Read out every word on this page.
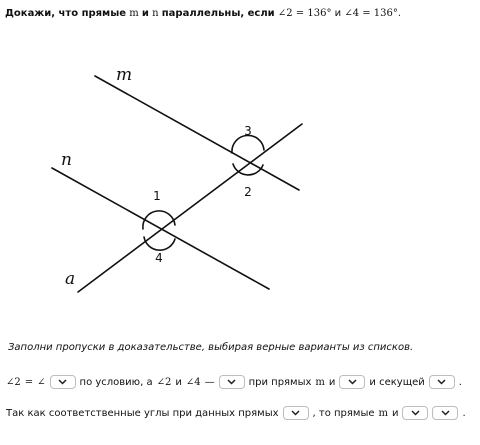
Докажи, что прямые m и n параллельны, если ∠2 = 136° и ∠4 = 136°.
m
n
a
3
2
1
4
Заполни пропуски в доказательстве, выбирая верные варианты из списков.
∠2 = ∠	по условию, а ∠2 и ∠4 —	при прямых m и	и секущей	.
Так как соответственные углы при данных прямых	, то прямые m и	.
